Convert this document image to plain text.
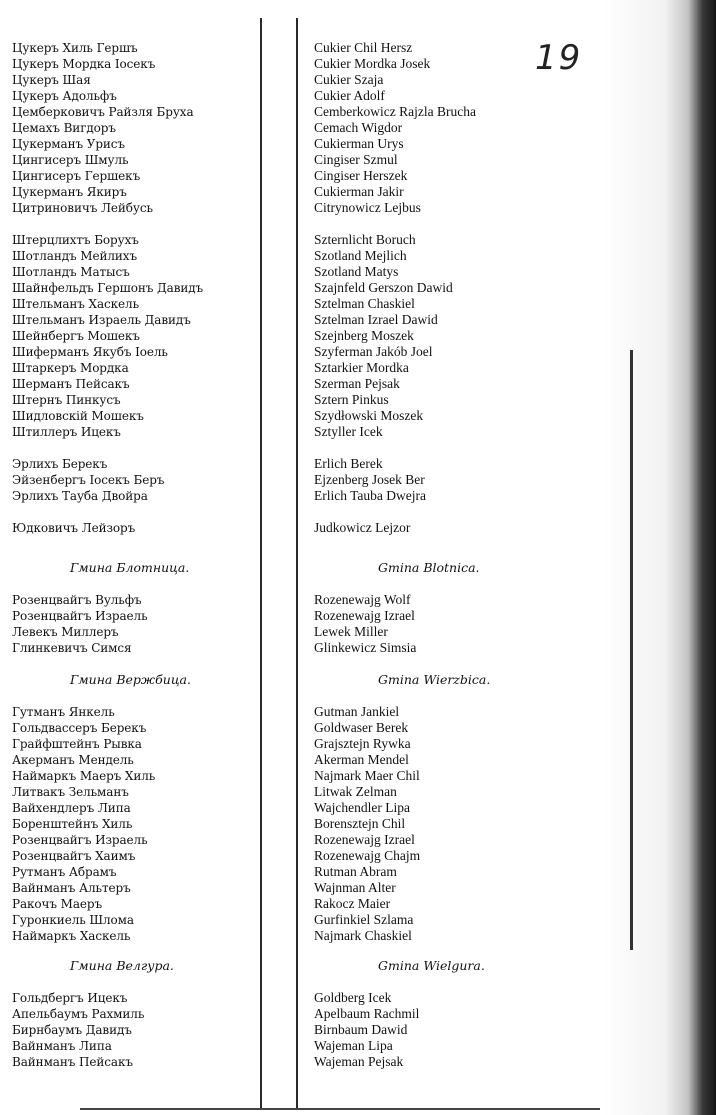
19
Цукеръ Хиль Гершъ
Цукеръ Мордка Іосекъ
Цукеръ Шая
Цукеръ Адольфъ
Цемберковичъ Райзля Бруха
Цемахъ Вигдоръ
Цукерманъ Урисъ
Цингисеръ Шмуль
Цингисеръ Гершекъ
Цукерманъ Якиръ
Цитриновичъ Лейбусь
Штерцлихтъ Борухъ
Шотландъ Мейлихъ
Шотландъ Матысъ
Шайнфельдъ Гершонъ Давидъ
Штельманъ Хаскель
Штельманъ Израель Давидъ
Шейнбергъ Мошекъ
Шиферманъ Якубъ Іоель
Штаркеръ Мордка
Шерманъ Пейсакъ
Штернъ Пинкусъ
Шидловскій Мошекъ
Штиллеръ Ицекъ
Эрлихъ Берекъ
Эйзенбергъ Іосекъ Беръ
Эрлихъ Тауба Двойра
Юдковичъ Лейзоръ
Розенцвайгъ Вульфъ
Розенцвайгъ Израель
Левекъ Миллеръ
Глинкевичъ Симся
Гутманъ Янкель
Гольдвассеръ Берекъ
Грайфштейнъ Рывка
Акерманъ Мендель
Наймаркъ Маеръ Хиль
Литвакъ Зельманъ
Вайхендлеръ Липа
Боренштейнъ Хиль
Розенцвайгъ Израель
Розенцвайгъ Хаимъ
Рутманъ Абрамъ
Вайнманъ Альтеръ
Ракочъ Маеръ
Гуронкиель Шлома
Наймаркъ Хаскель
Гольдбергъ Ицекъ
Апельбаумъ Рахмиль
Бирнбаумъ Давидъ
Вайнманъ Липа
Вайнманъ Пейсакъ
Гмина Блотница.
Гмина Вержбица.
Гмина Велгура.
Cukier Chil Hersz
Cukier Mordka Josek
Cukier Szaja
Cukier Adolf
Cemberkowicz Rajzla Brucha
Cemach Wigdor
Cukierman Urys
Cingiser Szmul
Cingiser Herszek
Cukierman Jakir
Citrynowicz Lejbus
Szternlicht Boruch
Szotland Mejlich
Szotland Matys
Szajnfeld Gerszon Dawid
Sztelman Chaskiel
Sztelman Izrael Dawid
Szejnberg Moszek
Szyferman Jakób Joel
Sztarkier Mordka
Szerman Pejsak
Sztern Pinkus
Szydłowski Moszek
Sztyller Icek
Erlich Berek
Ejzenberg Josek Ber
Erlich Tauba Dwejra
Judkowicz Lejzor
Rozenewajg Wolf
Rozenewajg Izrael
Lewek Miller
Glinkewicz Simsia
Gutman Jankiel
Goldwaser Berek
Grajsztejn Rywka
Akerman Mendel
Najmark Maer Chil
Litwak Zelman
Wajchendler Lipa
Borensztejn Chil
Rozenewajg Izrael
Rozenewajg Chajm
Rutman Abram
Wajnman Alter
Rakocz Maier
Gurfinkiel Szlama
Najmark Chaskiel
Goldberg Icek
Apelbaum Rachmil
Birnbaum Dawid
Wajeman Lipa
Wajeman Pejsak
Gmina Blotnica.
Gmina Wierzbica.
Gmina Wielgura.
